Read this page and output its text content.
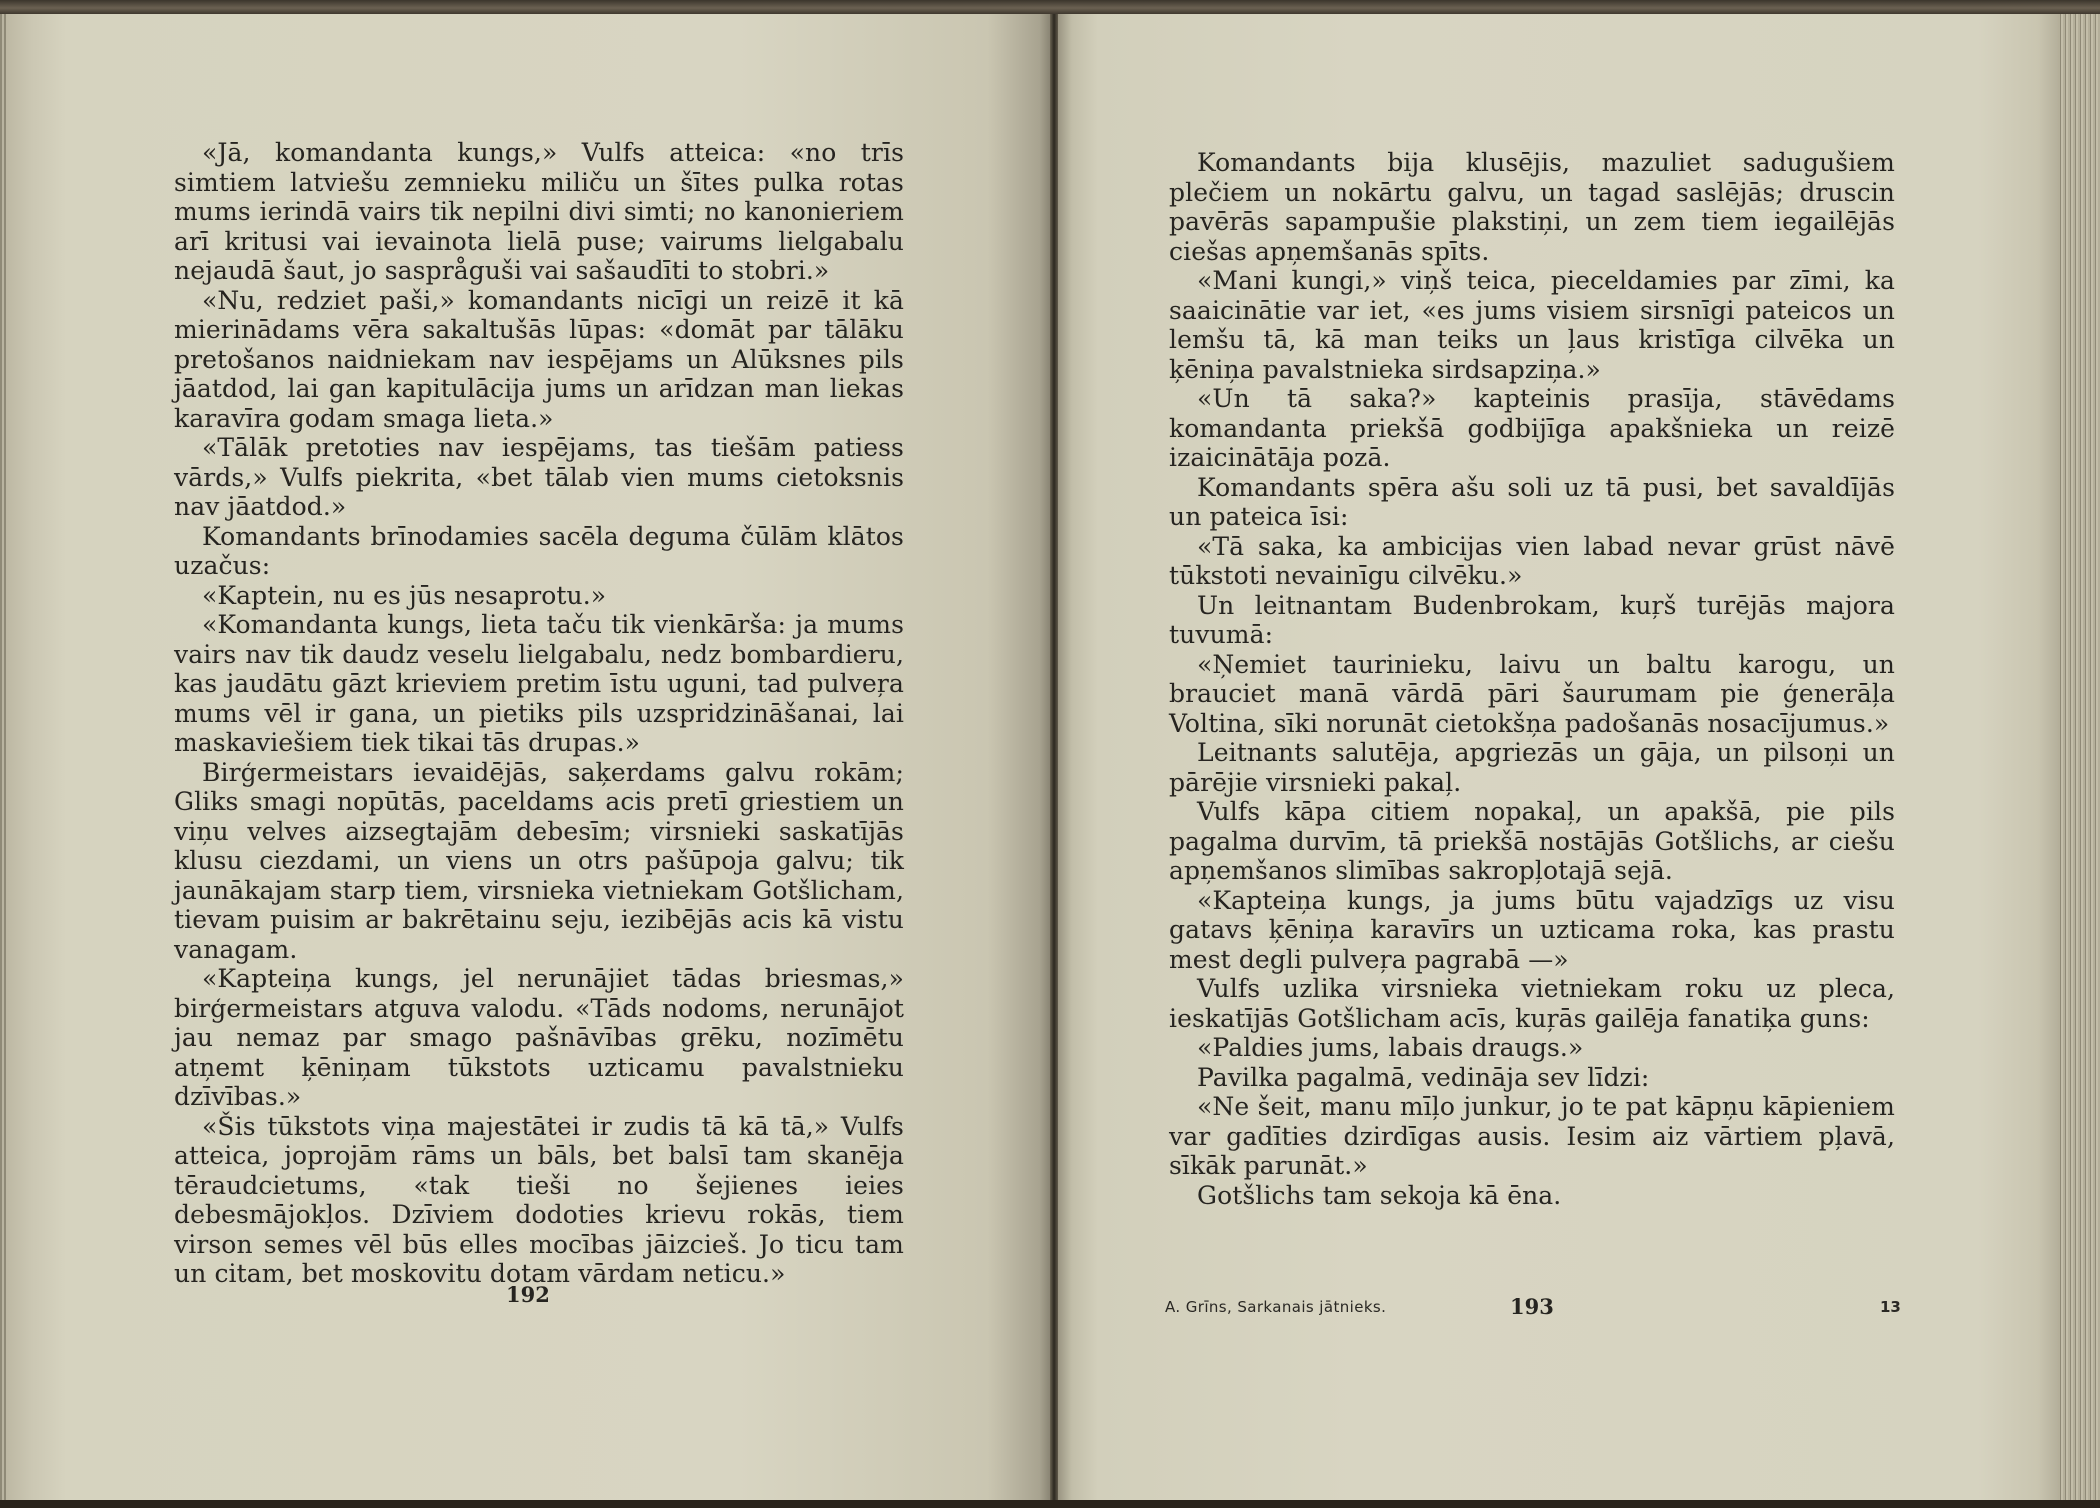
«Jā, komandanta kungs,» Vulfs atteica: «no trīs simtiem latviešu zemnieku miliču un šītes pulka rotas mums ierindā vairs tik nepilni divi simti; no kanonieriem arī kritusi vai ievainota lielā puse; vairums lielgabalu nejaudā šaut, jo saspråguši vai sašaudīti to stobri.»

«Nu, redziet paši,» komandants nicīgi un reizē it kā mierinādams vēra sakaltušās lūpas: «domāt par tālāku pretošanos naidniekam nav iespējams un Alūksnes pils jāatdod, lai gan kapitulācija jums un arīdzan man liekas karavīra godam smaga lieta.»

«Tālāk pretoties nav iespējams, tas tiešām patiess vārds,» Vulfs piekrita, «bet tālab vien mums cietoksnis nav jāatdod.»

Komandants brīnodamies sacēla deguma čūlām klātos uzačus:

«Kaptein, nu es jūs nesaprotu.»

«Komandanta kungs, lieta taču tik vienkārša: ja mums vairs nav tik daudz veselu lielgabalu, nedz bombardieru, kas jaudātu gāzt krieviem pretim īstu uguni, tad pulveŗa mums vēl ir gana, un pietiks pils uzspridzināšanai, lai maskaviešiem tiek tikai tās drupas.»

Birģermeistars ievaidējās, saķerdams galvu rokām; Gliks smagi nopūtās, paceldams acis pretī griestiem un viņu velves aizsegtajām debesīm; virsnieki saskatījās klusu ciezdami, un viens un otrs pašūpoja galvu; tik jaunākajam starp tiem, virsnieka vietniekam Gotšlicham, tievam puisim ar bakrētainu seju, iezibējās acis kā vistu vanagam.

«Kapteiņa kungs, jel nerunājiet tādas briesmas,» birģermeistars atguva valodu. «Tāds nodoms, nerunājot jau nemaz par smago pašnāvības grēku, nozīmētu atņemt ķēniņam tūkstots uzticamu pavalstnieku dzīvības.»

«Šis tūkstots viņa majestātei ir zudis tā kā tā,» Vulfs atteica, joprojām rāms un bāls, bet balsī tam skanēja tēraudcietums, «tak tieši no šejienes ieies debesmājokļos. Dzīviem dodoties krievu rokās, tiem virson semes vēl būs elles mocības jāizcieš. Jo ticu tam un citam, bet moskovitu dotam vārdam neticu.»

192

Komandants bija klusējis, mazuliet sadugušiem plečiem un nokārtu galvu, un tagad saslējās; druscin pavērās sapampušie plakstiņi, un zem tiem iegailējās ciešas apņemšanās spīts.

«Mani kungi,» viņš teica, pieceldamies par zīmi, ka saaicinātie var iet, «es jums visiem sirsnīgi pateicos un lemšu tā, kā man teiks un ļaus kristīga cilvēka un ķēniņa pavalstnieka sirdsapziņa.»

«Un tā saka?» kapteinis prasīja, stāvēdams komandanta priekšā godbijīga apakšnieka un reizē izaicinātāja pozā.

Komandants spēra ašu soli uz tā pusi, bet savaldījās un pateica īsi:

«Tā saka, ka ambicijas vien labad nevar grūst nāvē tūkstoti nevainīgu cilvēku.»

Un leitnantam Budenbrokam, kuŗš turējās majora tuvumā:

«Ņemiet taurinieku, laivu un baltu karogu, un brauciet manā vārdā pāri šaurumam pie ģenerāļa Voltina, sīki norunāt cietokšņa padošanās nosacījumus.»

Leitnants salutēja, apgriezās un gāja, un pilsoņi un pārējie virsnieki pakaļ.

Vulfs kāpa citiem nopakaļ, un apakšā, pie pils pagalma durvīm, tā priekšā nostājās Gotšlichs, ar ciešu apņemšanos slimības sakropļotajā sejā.

«Kapteiņa kungs, ja jums būtu vajadzīgs uz visu gatavs ķēniņa karavīrs un uzticama roka, kas prastu mest degli pulveŗa pagrabā —»

Vulfs uzlika virsnieka vietniekam roku uz pleca, ieskatījās Gotšlicham acīs, kuŗās gailēja fanatiķa guns:

«Paldies jums, labais draugs.»

Pavilka pagalmā, vedināja sev līdzi:

«Ne šeit, manu mīļo junkur, jo te pat kāpņu kāpieniem var gadīties dzirdīgas ausis. Iesim aiz vārtiem pļavā, sīkāk parunāt.»

Gotšlichs tam sekoja kā ēna.

A. Grīns, Sarkanais jātnieks.	193	13
